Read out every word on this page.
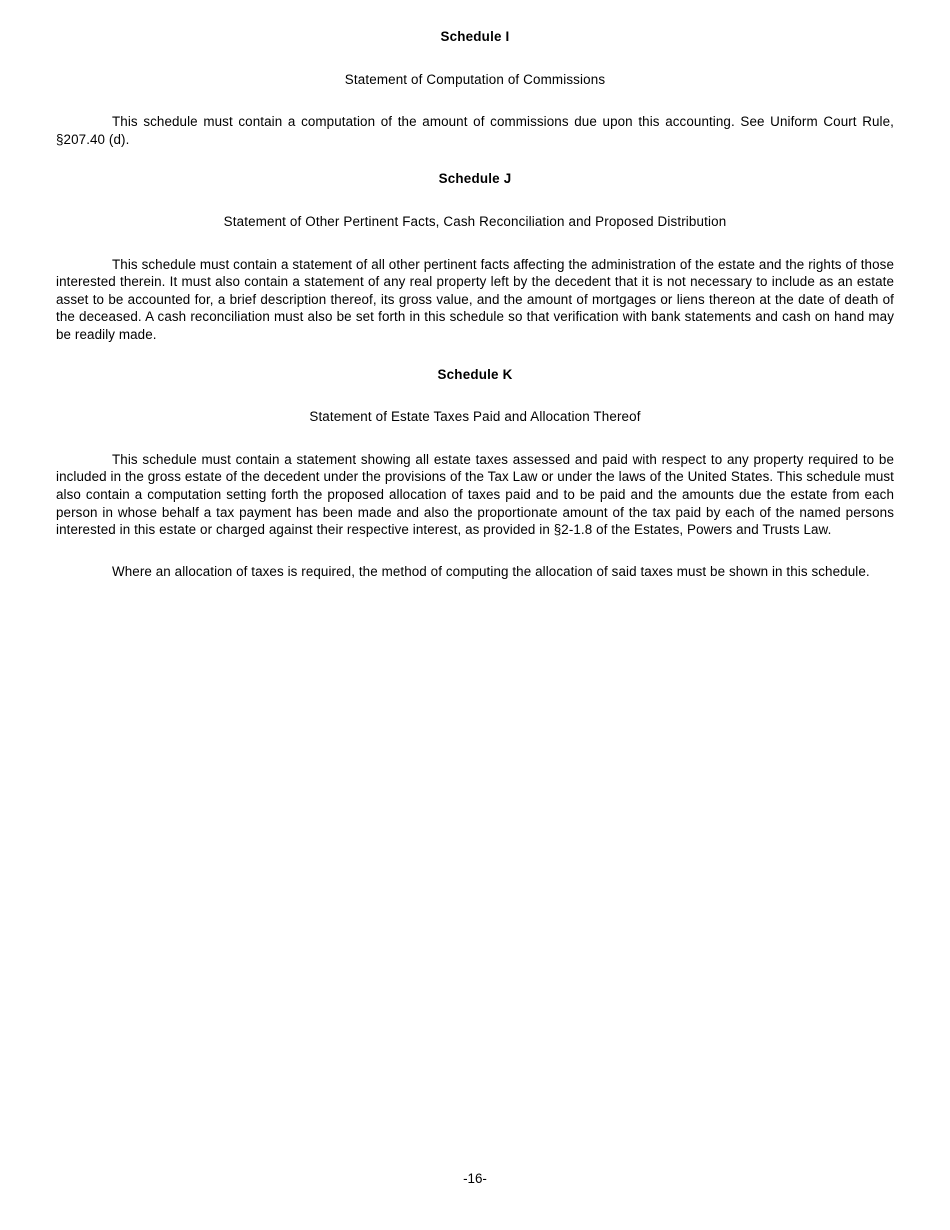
Schedule I

Statement of Computation of Commissions

This schedule must contain a computation of the amount of commissions due upon this accounting. See Uniform Court Rule, §207.40 (d).

Schedule J

Statement of Other Pertinent Facts, Cash Reconciliation and Proposed Distribution

This schedule must contain a statement of all other pertinent facts affecting the administration of the estate and the rights of those interested therein. It must also contain a statement of any real property left by the decedent that it is not necessary to include as an estate asset to be accounted for, a brief description thereof, its gross value, and the amount of mortgages or liens thereon at the date of death of the deceased. A cash reconciliation must also be set forth in this schedule so that verification with bank statements and cash on hand may be readily made.

Schedule K

Statement of Estate Taxes Paid and Allocation Thereof

This schedule must contain a statement showing all estate taxes assessed and paid with respect to any property required to be included in the gross estate of the decedent under the provisions of the Tax Law or under the laws of the United States. This schedule must also contain a computation setting forth the proposed allocation of taxes paid and to be paid and the amounts due the estate from each person in whose behalf a tax payment has been made and also the proportionate amount of the tax paid by each of the named persons interested in this estate or charged against their respective interest, as provided in §2-1.8 of the Estates, Powers and Trusts Law.

Where an allocation of taxes is required, the method of computing the allocation of said taxes must be shown in this schedule.

-16-
